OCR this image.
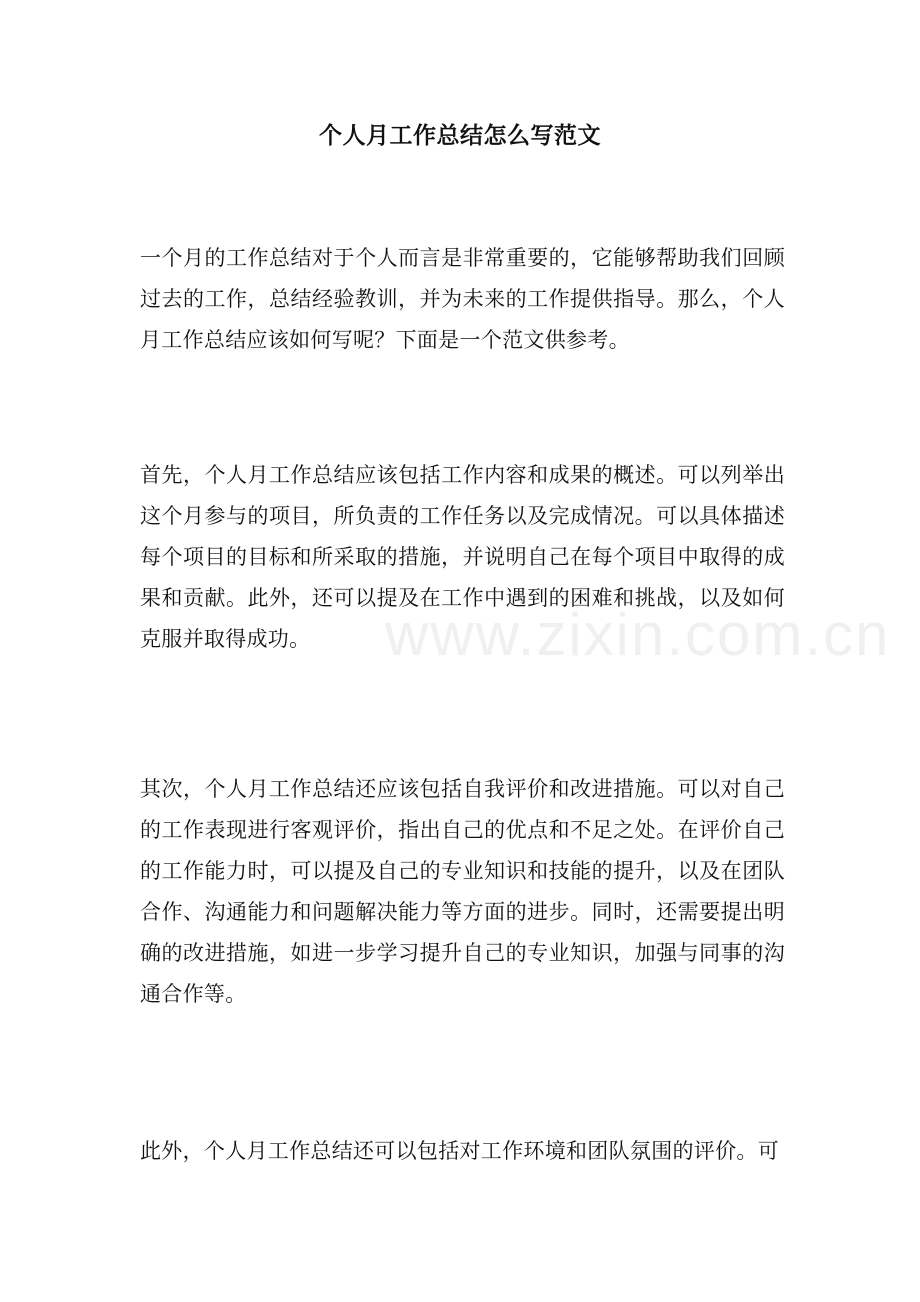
个人月工作总结怎么写范文

一个月的工作总结对于个人而言是非常重要的，它能够帮助我们回顾过去的工作，总结经验教训，并为未来的工作提供指导。那么，个人月工作总结应该如何写呢？下面是一个范文供参考。

首先，个人月工作总结应该包括工作内容和成果的概述。可以列举出这个月参与的项目，所负责的工作任务以及完成情况。可以具体描述每个项目的目标和所采取的措施，并说明自己在每个项目中取得的成果和贡献。此外，还可以提及在工作中遇到的困难和挑战，以及如何克服并取得成功。

其次，个人月工作总结还应该包括自我评价和改进措施。可以对自己的工作表现进行客观评价，指出自己的优点和不足之处。在评价自己的工作能力时，可以提及自己的专业知识和技能的提升，以及在团队合作、沟通能力和问题解决能力等方面的进步。同时，还需要提出明确的改进措施，如进一步学习提升自己的专业知识，加强与同事的沟通合作等。

此外，个人月工作总结还可以包括对工作环境和团队氛围的评价。可

www.zixin.com.cn
